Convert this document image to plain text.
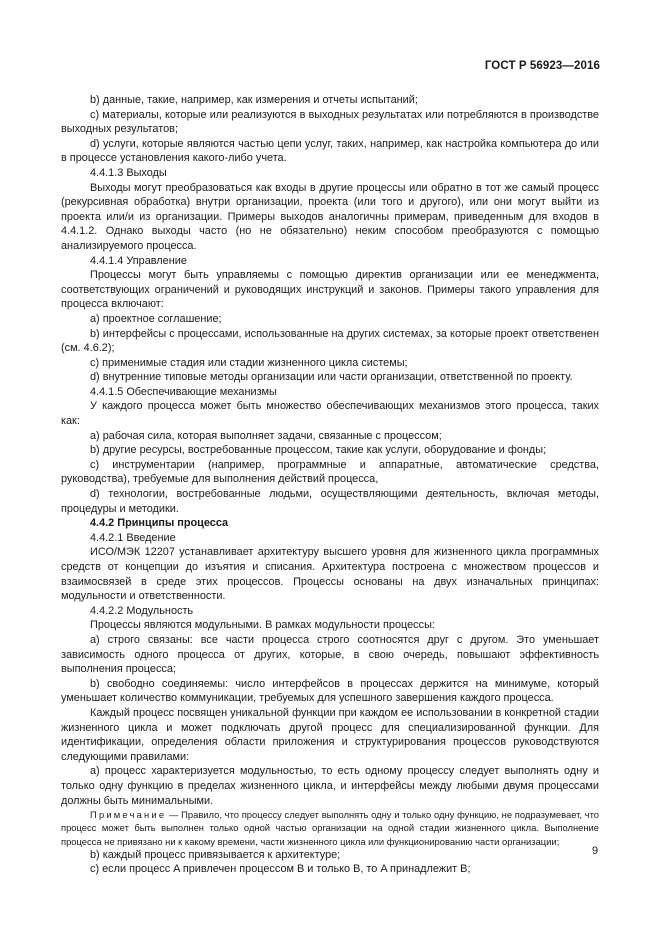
ГОСТ Р 56923—2016

b) данные, такие, например, как измерения и отчеты испытаний;

c) материалы, которые или реализуются в выходных результатах или потребляются в производстве выходных результатов;

d) услуги, которые являются частью цепи услуг, таких, например, как настройка компьютера до или в процессе установления какого-либо учета.

4.4.1.3 Выходы

Выходы могут преобразоваться как входы в другие процессы или обратно в тот же самый процесс (рекурсивная обработка) внутри организации, проекта (или того и другого), или они могут выйти из проекта или/и из организации. Примеры выходов аналогичны примерам, приведенным для входов в 4.4.1.2. Однако выходы часто (но не обязательно) неким способом преобразуются с помощью анализируемого процесса.

4.4.1.4 Управление

Процессы могут быть управляемы с помощью директив организации или ее менеджмента, соответствующих ограничений и руководящих инструкций и законов. Примеры такого управления для процесса включают:

a) проектное соглашение;

b) интерфейсы с процессами, использованные на других системах, за которые проект ответственен (см. 4.6.2);

c) применимые стадия или стадии жизненного цикла системы;

d) внутренние типовые методы организации или части организации, ответственной по проекту.

4.4.1.5 Обеспечивающие механизмы

У каждого процесса может быть множество обеспечивающих механизмов этого процесса, таких как:

a) рабочая сила, которая выполняет задачи, связанные с процессом;

b) другие ресурсы, востребованные процессом, такие как услуги, оборудование и фонды;

c) инструментарии (например, программные и аппаратные, автоматические средства, руководства), требуемые для выполнения действий процесса,

d) технологии, востребованные людьми, осуществляющими деятельность, включая методы, процедуры и методики.

4.4.2 Принципы процесса

4.4.2.1 Введение

ИСО/МЭК 12207 устанавливает архитектуру высшего уровня для жизненного цикла программных средств от концепции до изъятия и списания. Архитектура построена с множеством процессов и взаимосвязей в среде этих процессов. Процессы основаны на двух изначальных принципах: модульности и ответственности.

4.4.2.2 Модульность

Процессы являются модульными. В рамках модульности процессы:

a) строго связаны: все части процесса строго соотносятся друг с другом. Это уменьшает зависимость одного процесса от других, которые, в свою очередь, повышают эффективность выполнения процесса;

b) свободно соединяемы: число интерфейсов в процессах держится на минимуме, который уменьшает количество коммуникации, требуемых для успешного завершения каждого процесса.

Каждый процесс посвящен уникальной функции при каждом ее использовании в конкретной стадии жизненного цикла и может подключать другой процесс для специализированной функции. Для идентификации, определения области приложения и структурирования процессов руководствуются следующими правилами:

a) процесс характеризуется модульностью, то есть одному процессу следует выполнять одну и только одну функцию в пределах жизненного цикла, и интерфейсы между любыми двумя процессами должны быть минимальными.

Примечание — Правило, что процессу следует выполнять одну и только одну функцию, не подразумевает, что процесс может быть выполнен только одной частью организации на одной стадии жизненного цикла. Выполнение процесса не привязано ни к какому времени, части жизненного цикла или функционированию части организации;

b) каждый процесс привязывается к архитектуре;

c) если процесс A привлечен процессом B и только B, то A принадлежит B;

9
